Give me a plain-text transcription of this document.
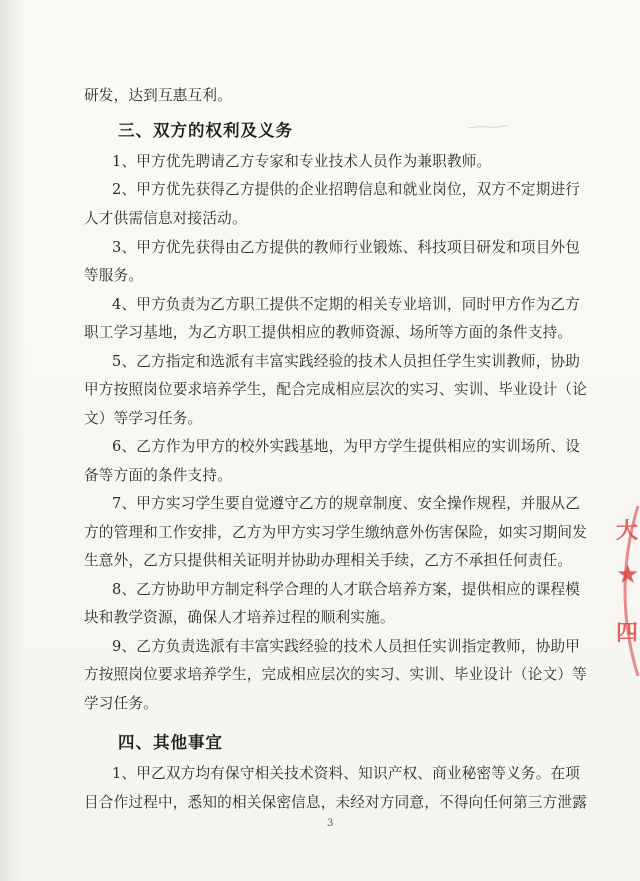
研发，达到互惠互利。
1、甲方优先聘请乙方专家和专业技术人员作为兼职教师。
2、甲方优先获得乙方提供的企业招聘信息和就业岗位，双方不定期进行
人才供需信息对接活动。
3、甲方优先获得由乙方提供的教师行业锻炼、科技项目研发和项目外包
等服务。
4、甲方负责为乙方职工提供不定期的相关专业培训，同时甲方作为乙方
职工学习基地，为乙方职工提供相应的教师资源、场所等方面的条件支持。
5、乙方指定和选派有丰富实践经验的技术人员担任学生实训教师，协助
甲方按照岗位要求培养学生，配合完成相应层次的实习、实训、毕业设计（论
文）等学习任务。
6、乙方作为甲方的校外实践基地，为甲方学生提供相应的实训场所、设
备等方面的条件支持。
7、甲方实习学生要自觉遵守乙方的规章制度、安全操作规程，并服从乙
方的管理和工作安排，乙方为甲方实习学生缴纳意外伤害保险，如实习期间发
生意外，乙方只提供相关证明并协助办理相关手续，乙方不承担任何责任。
8、乙方协助甲方制定科学合理的人才联合培养方案，提供相应的课程模
块和教学资源，确保人才培养过程的顺利实施。
9、乙方负责选派有丰富实践经验的技术人员担任实训指定教师，协助甲
方按照岗位要求培养学生，完成相应层次的实习、实训、毕业设计（论文）等
学习任务。
1、甲乙双方均有保守相关技术资料、知识产权、商业秘密等义务。在项
目合作过程中，悉知的相关保密信息，未经对方同意，不得向任何第三方泄露
三、双方的权利及义务
四、其他事宜
3
大
★
四
